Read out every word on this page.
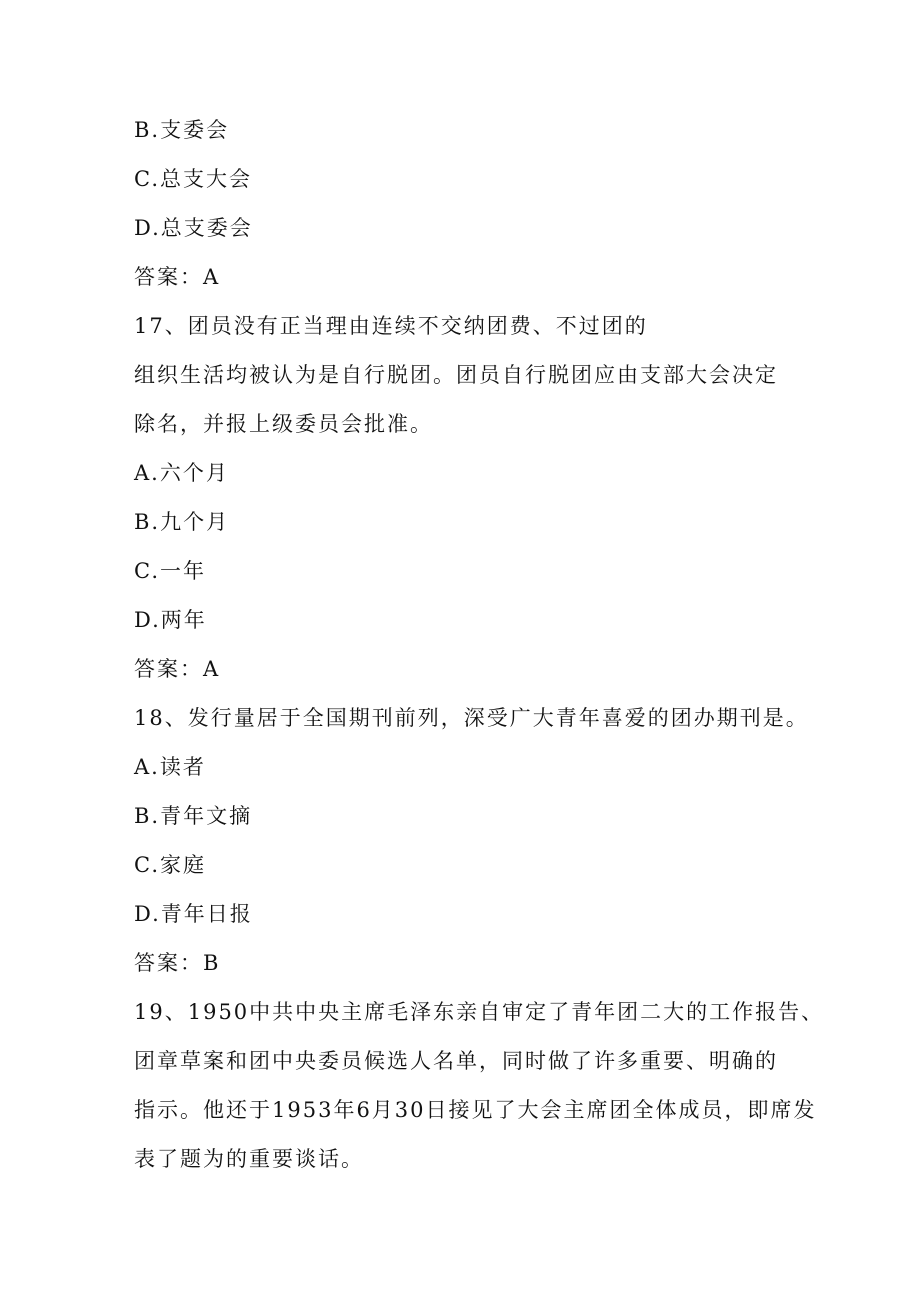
B.支委会
C.总支大会
D.总支委会
答案：A
17、团员没有正当理由连续不交纳团费、不过团的
组织生活均被认为是自行脱团。团员自行脱团应由支部大会决定
除名，并报上级委员会批准。
A.六个月
B.九个月
C.一年
D.两年
答案：A
18、发行量居于全国期刊前列，深受广大青年喜爱的团办期刊是。
A.读者
B.青年文摘
C.家庭
D.青年日报
答案：B
19、1950中共中央主席毛泽东亲自审定了青年团二大的工作报告、
团章草案和团中央委员候选人名单，同时做了许多重要、明确的
指示。他还于1953年6月30日接见了大会主席团全体成员，即席发
表了题为的重要谈话。
